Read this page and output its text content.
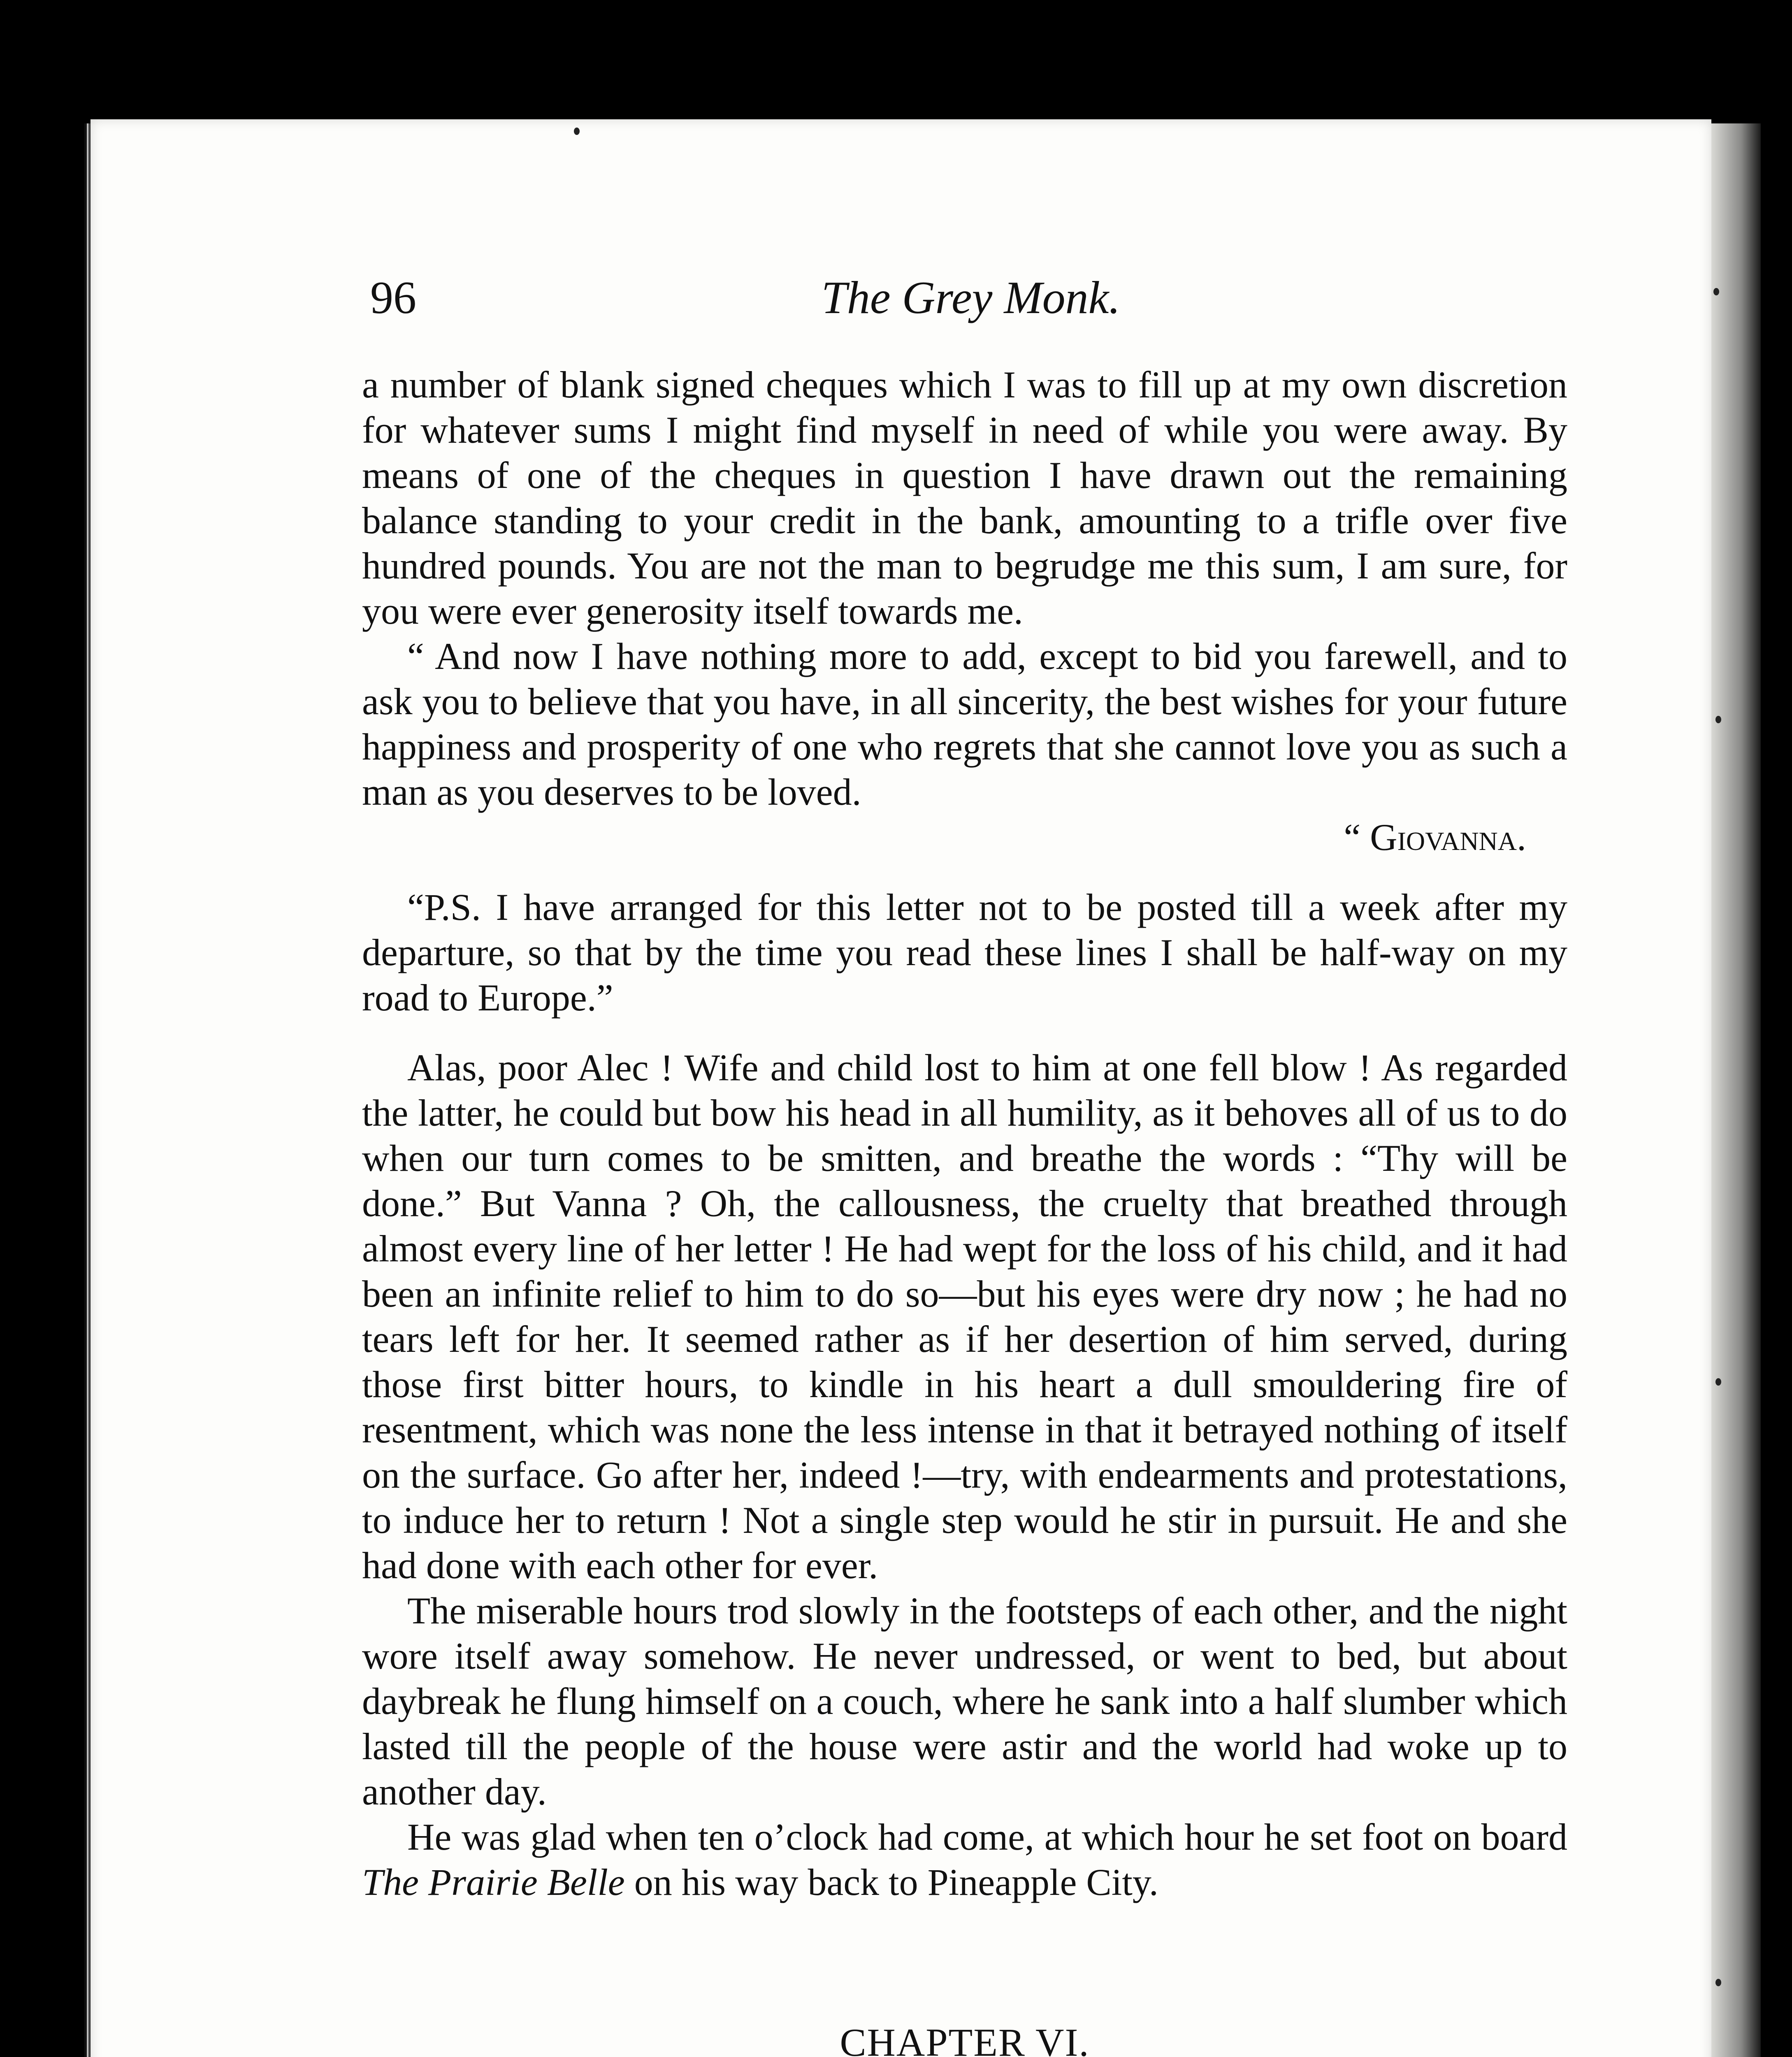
96	The Grey Monk.

a number of blank signed cheques which I was to fill up at my own discretion for whatever sums I might find myself in need of while you were away. By means of one of the cheques in question I have drawn out the remaining balance standing to your credit in the bank, amounting to a trifle over five hundred pounds. You are not the man to begrudge me this sum, I am sure, for you were ever generosity itself towards me.

“ And now I have nothing more to add, except to bid you farewell, and to ask you to believe that you have, in all sincerity, the best wishes for your future happiness and prosperity of one who regrets that she cannot love you as such a man as you deserves to be loved.

“ Giovanna.

“P.S. I have arranged for this letter not to be posted till a week after my departure, so that by the time you read these lines I shall be half-way on my road to Europe.”

Alas, poor Alec ! Wife and child lost to him at one fell blow ! As regarded the latter, he could but bow his head in all humility, as it behoves all of us to do when our turn comes to be smitten, and breathe the words : “Thy will be done.” But Vanna ? Oh, the callousness, the cruelty that breathed through almost every line of her letter ! He had wept for the loss of his child, and it had been an infinite relief to him to do so—but his eyes were dry now ; he had no tears left for her. It seemed rather as if her desertion of him served, during those first bitter hours, to kindle in his heart a dull smouldering fire of resentment, which was none the less intense in that it betrayed nothing of itself on the surface. Go after her, indeed !—try, with endearments and protestations, to induce her to return ! Not a single step would he stir in pursuit. He and she had done with each other for ever.

The miserable hours trod slowly in the footsteps of each other, and the night wore itself away somehow. He never undressed, or went to bed, but about daybreak he flung himself on a couch, where he sank into a half slumber which lasted till the people of the house were astir and the world had woke up to another day.

He was glad when ten o’clock had come, at which hour he set foot on board The Prairie Belle on his way back to Pineapple City.

CHAPTER VI.
